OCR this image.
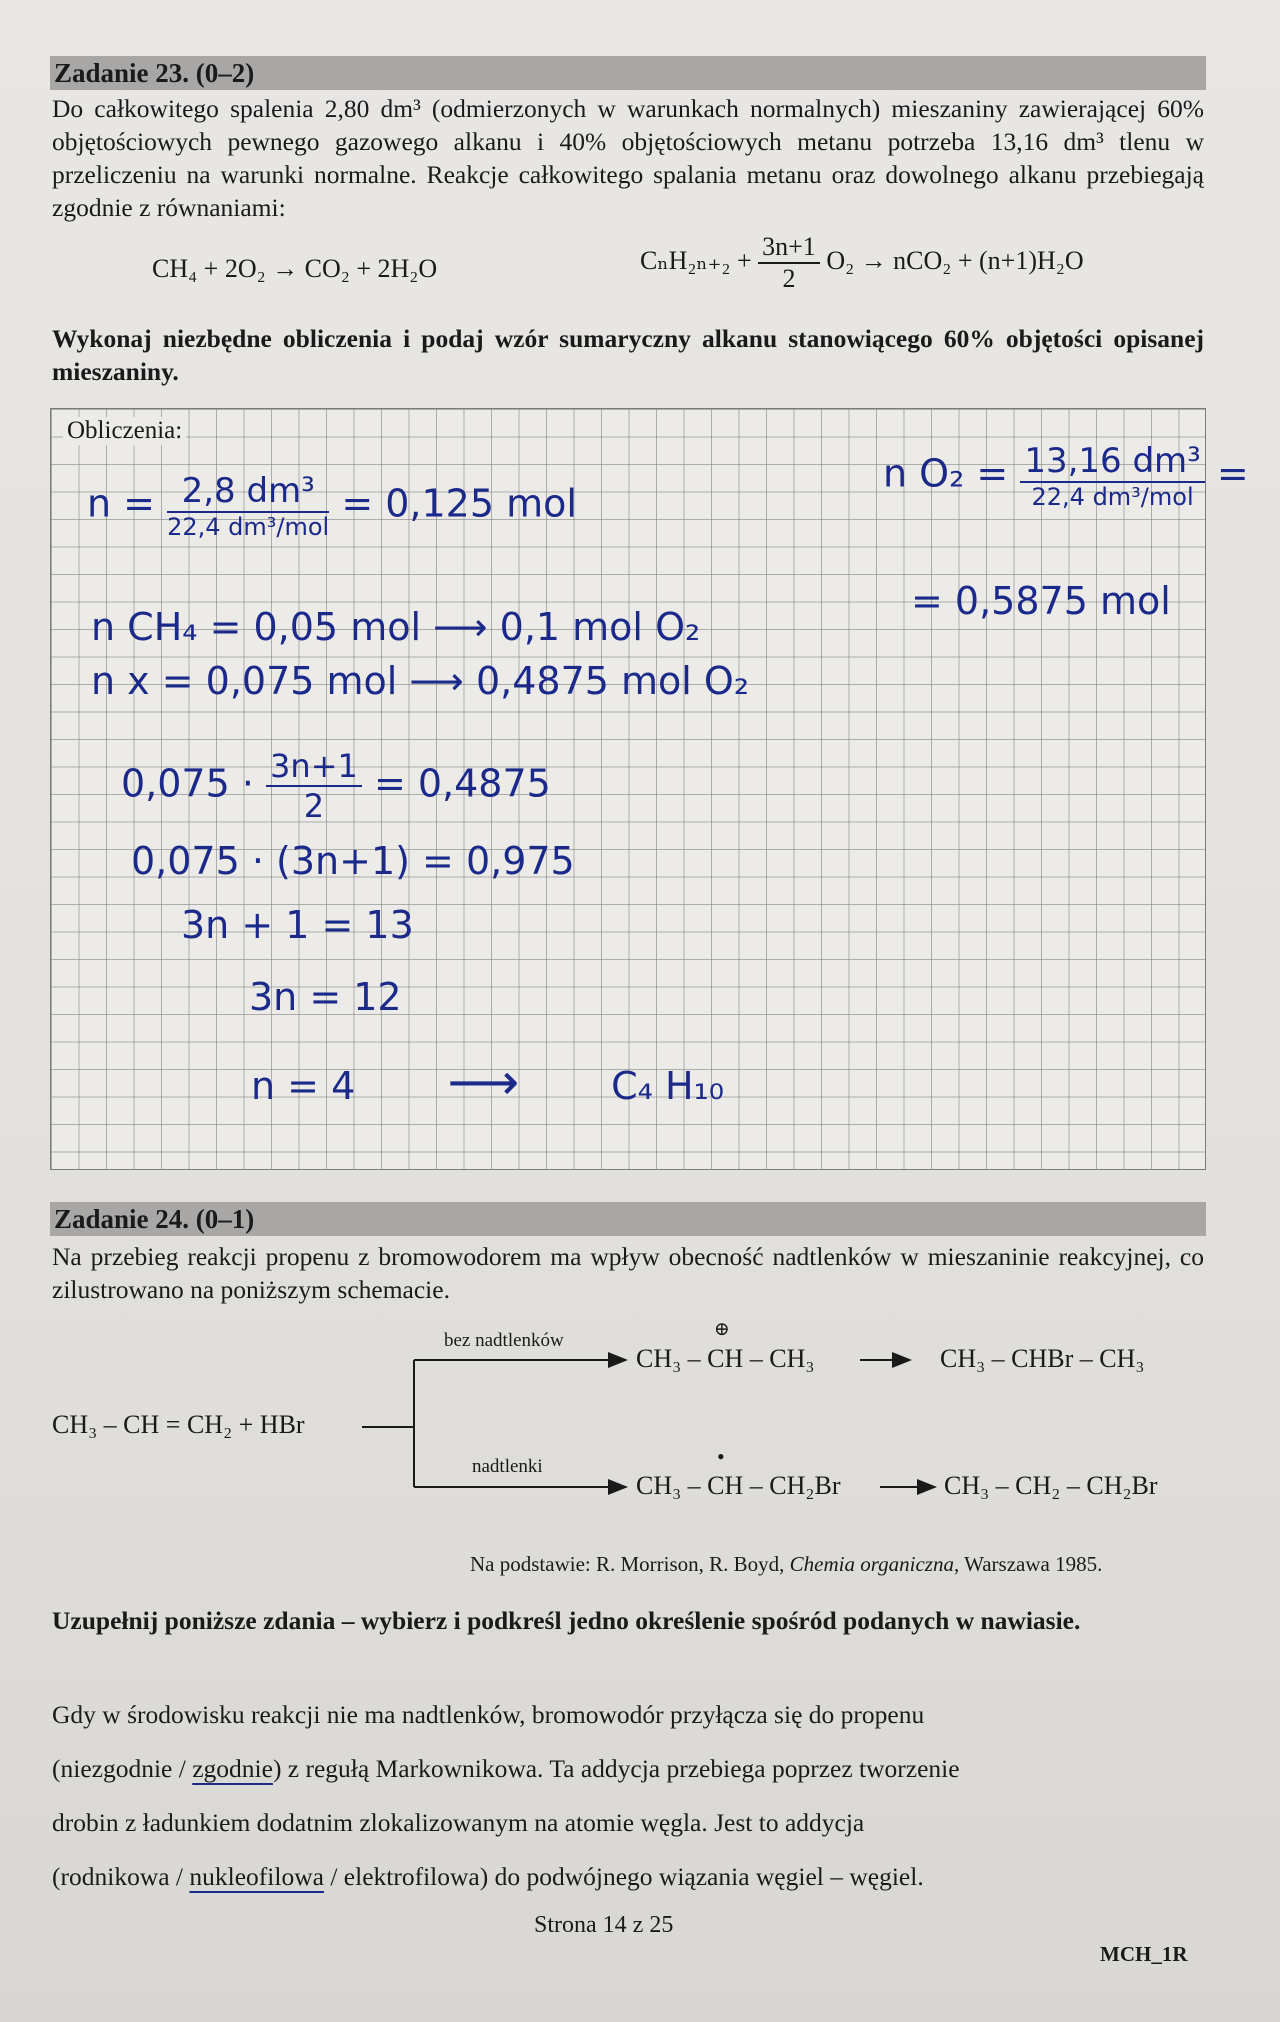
Zadanie 23. (0–2)
Do całkowitego spalenia 2,80 dm³ (odmierzonych w warunkach normalnych) mieszaniny zawierającej 60% objętościowych pewnego gazowego alkanu i 40% objętościowych metanu potrzeba 13,16 dm³ tlenu w przeliczeniu na warunki normalne. Reakcje całkowitego spalania metanu oraz dowolnego alkanu przebiegają zgodnie z równaniami:
CH₄ + 2O₂ → CO₂ + 2H₂O	$C_nH_{2n+2} + \frac{3n+1}{2} O_2 \to nCO_2 + (n+1)H_2O$
Wykonaj niezbędne obliczenia i podaj wzór sumaryczny alkanu stanowiącego 60% objętości opisanej mieszaniny.
Obliczenia:
n = 2,8 dm³
22,4 dm³/mol
= 0,125 mol
n O₂ = 13,16 dm³
22,4 dm³/mol
=
= 0,5875 mol
n CH₄ = 0,05 mol ⟶ 0,1 mol O₂
n x = 0,075 mol ⟶ 0,4875 mol O₂
$0,075 \cdot \frac{3n+1}{2} = 0,4875$
0,075 · (3n+1) = 0,975
3n + 1 = 13
3n = 12
n = 4 ⟶ C₄ H₁₀
Zadanie 24. (0–1)
Na przebieg reakcji propenu z bromowodorem ma wpływ obecność nadtlenków w mieszaninie reakcyjnej, co zilustrowano na poniższym schemacie.
CH₃ – CH = CH₂ + HBr
bez nadtlenków
nadtlenki
CH₃ – CH – CH₃
⊕
CH₃ – CHBr – CH₃
CH₃ – CH – CH₂Br
•
CH₃ – CH₂ – CH₂Br
Na podstawie: R. Morrison, R. Boyd, Chemia organiczna, Warszawa 1985.
Uzupełnij poniższe zdania – wybierz i podkreśl jedno określenie spośród podanych w nawiasie.
Gdy w środowisku reakcji nie ma nadtlenków, bromowodór przyłącza się do propenu
(niezgodnie / zgodnie) z regułą Markownikowa. Ta addycja przebiega poprzez tworzenie
drobin z ładunkiem dodatnim zlokalizowanym na atomie węgla. Jest to addycja
(rodnikowa / nukleofilowa / elektrofilowa) do podwójnego wiązania węgiel – węgiel.
Strona 14 z 25
MCH_1R
